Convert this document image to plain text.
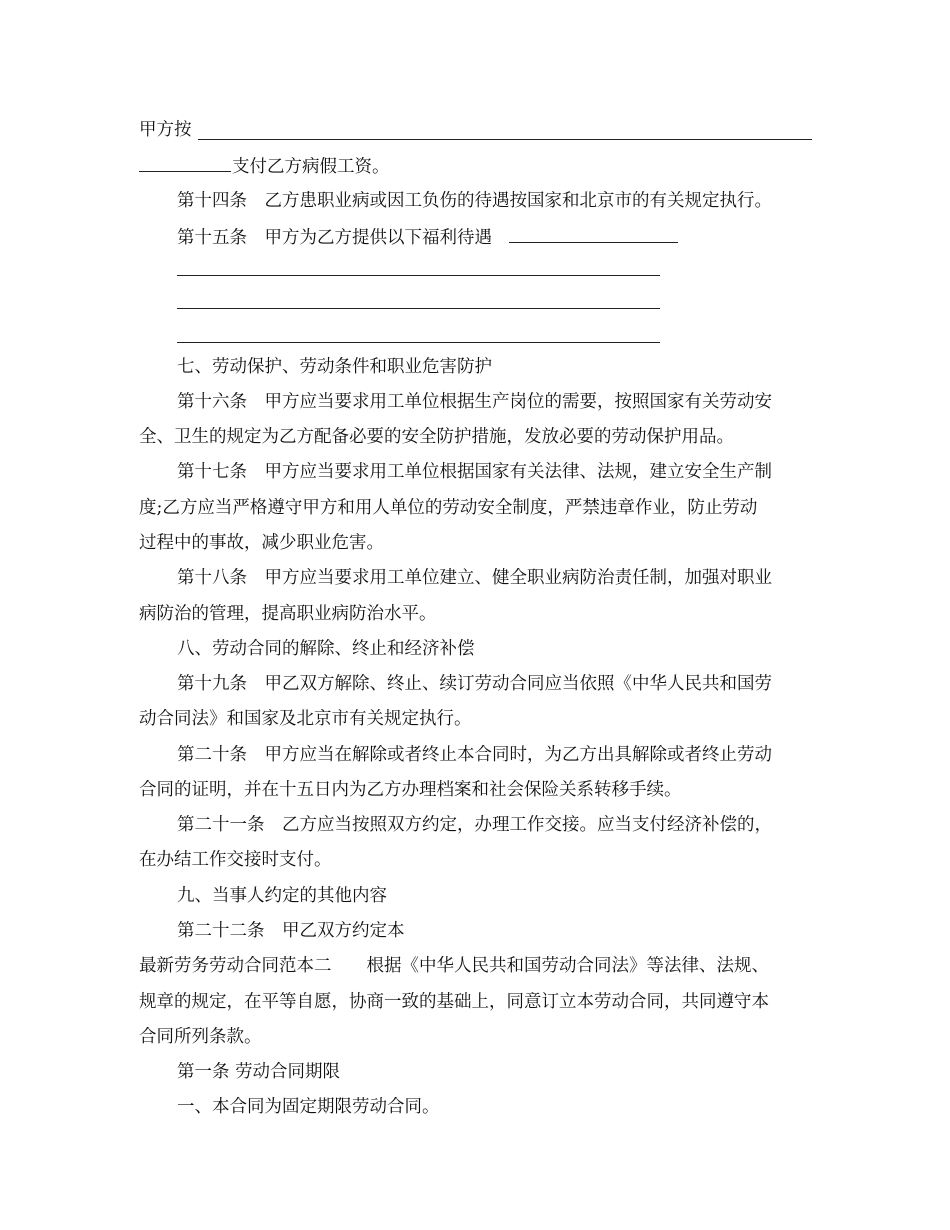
甲方按
支付乙方病假工资。
第十四条　乙方患职业病或因工负伤的待遇按国家和北京市的有关规定执行。
第十五条　甲方为乙方提供以下福利待遇
七、劳动保护、劳动条件和职业危害防护
第十六条　甲方应当要求用工单位根据生产岗位的需要，按照国家有关劳动安
全、卫生的规定为乙方配备必要的安全防护措施，发放必要的劳动保护用品。
第十七条　甲方应当要求用工单位根据国家有关法律、法规，建立安全生产制
度;乙方应当严格遵守甲方和用人单位的劳动安全制度，严禁违章作业，防止劳动
过程中的事故，减少职业危害。
第十八条　甲方应当要求用工单位建立、健全职业病防治责任制，加强对职业
病防治的管理，提高职业病防治水平。
八、劳动合同的解除、终止和经济补偿
第十九条　甲乙双方解除、终止、续订劳动合同应当依照《中华人民共和国劳
动合同法》和国家及北京市有关规定执行。
第二十条　甲方应当在解除或者终止本合同时，为乙方出具解除或者终止劳动
合同的证明，并在十五日内为乙方办理档案和社会保险关系转移手续。
第二十一条　乙方应当按照双方约定，办理工作交接。应当支付经济补偿的，
在办结工作交接时支付。
九、当事人约定的其他内容
第二十二条　甲乙双方约定本
最新劳务劳动合同范本二　　根据《中华人民共和国劳动合同法》等法律、法规、
规章的规定，在平等自愿，协商一致的基础上，同意订立本劳动合同，共同遵守本
合同所列条款。
第一条 劳动合同期限
一、本合同为固定期限劳动合同。
